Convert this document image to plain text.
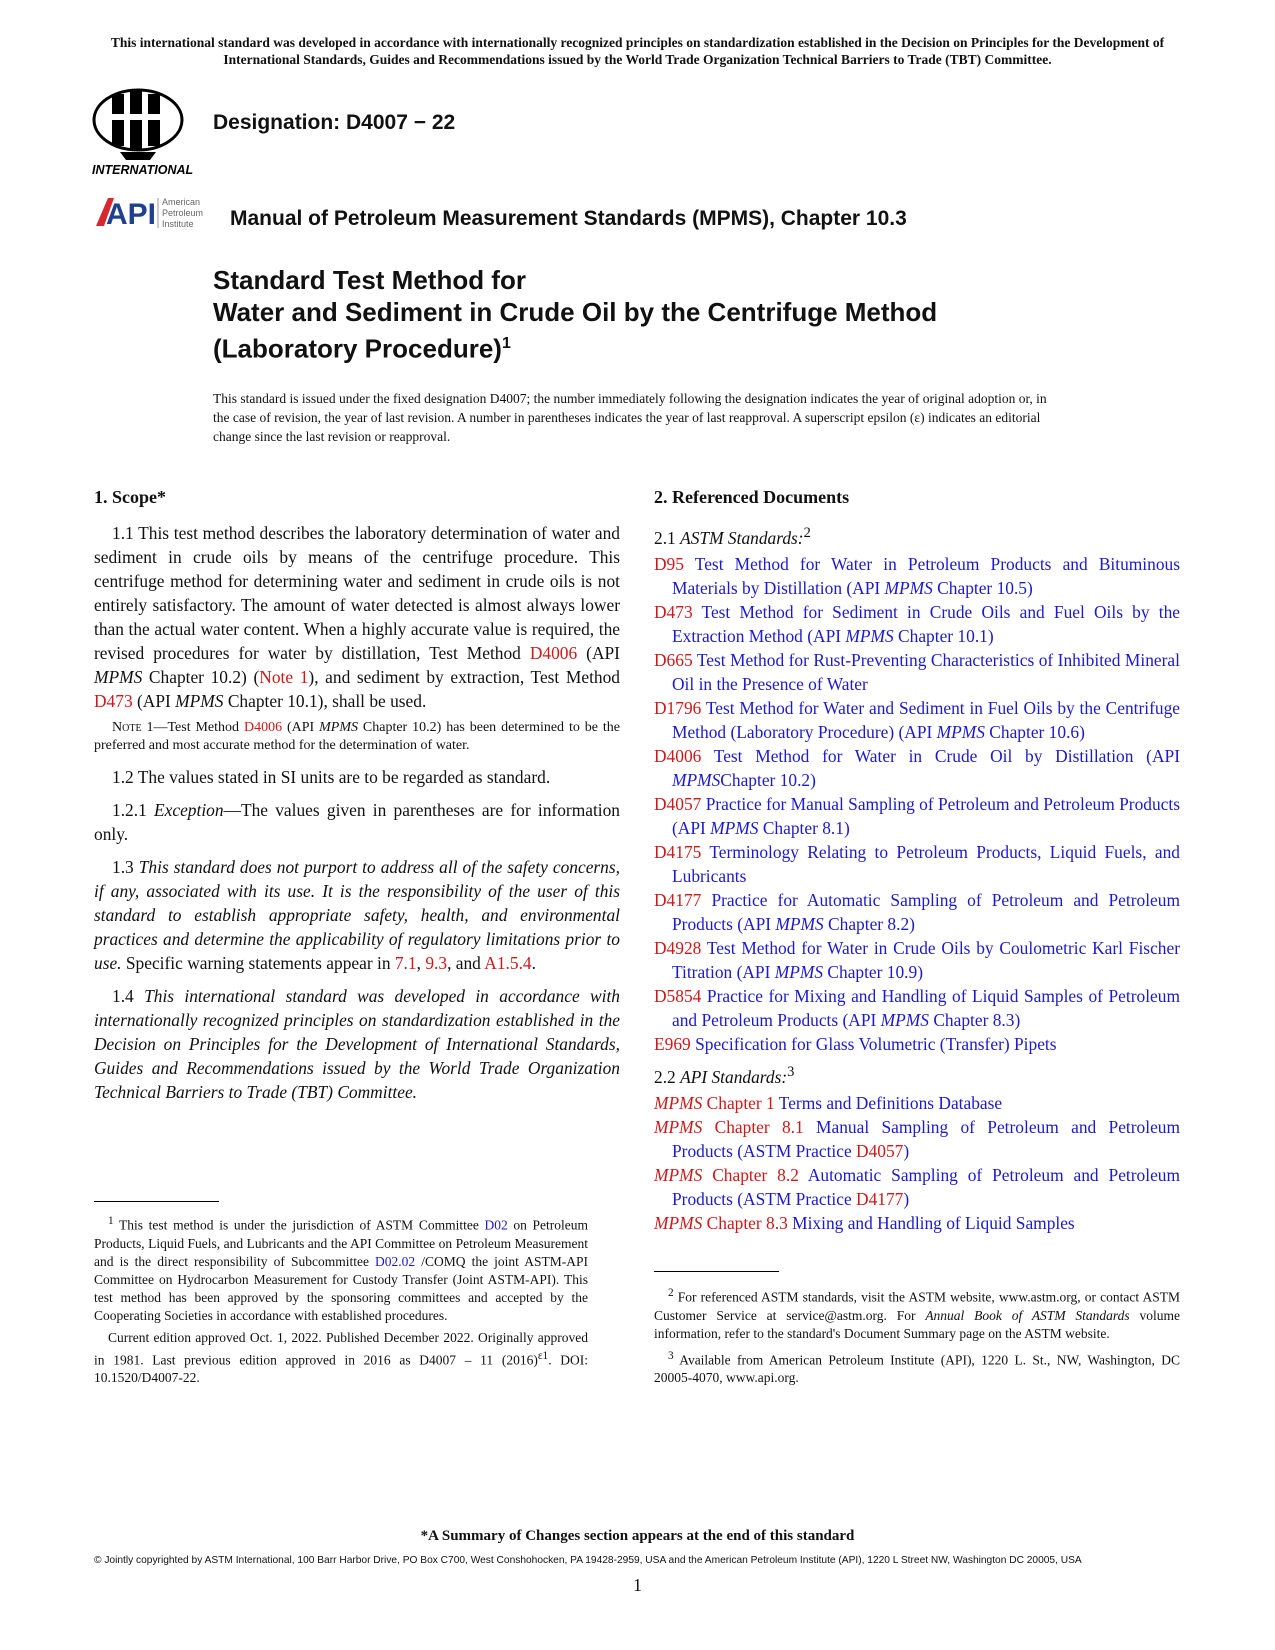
This international standard was developed in accordance with internationally recognized principles on standardization established in the Decision on Principles for the Development of International Standards, Guides and Recommendations issued by the World Trade Organization Technical Barriers to Trade (TBT) Committee.
INTERNATIONAL
Designation: D4007 − 22
API American
Petroleum
Institute Manual of Petroleum Measurement Standards (MPMS), Chapter 10.3
Standard Test Method for
Water and Sediment in Crude Oil by the Centrifuge Method
(Laboratory Procedure)$^1$
This standard is issued under the fixed designation D4007; the number immediately following the designation indicates the year of original adoption or, in the case of revision, the year of last revision. A number in parentheses indicates the year of last reapproval. A superscript epsilon (ε) indicates an editorial change since the last revision or reapproval.
1. Scope*

1.1 This test method describes the laboratory determination of water and sediment in crude oils by means of the centrifuge procedure. This centrifuge method for determining water and sediment in crude oils is not entirely satisfactory. The amount of water detected is almost always lower than the actual water content. When a highly accurate value is required, the revised procedures for water by distillation, Test Method D4006 (API MPMS Chapter 10.2) (Note 1), and sediment by extraction, Test Method D473 (API MPMS Chapter 10.1), shall be used.

Note 1—Test Method D4006 (API MPMS Chapter 10.2) has been determined to be the preferred and most accurate method for the determination of water.

1.2 The values stated in SI units are to be regarded as standard.

1.2.1 Exception—The values given in parentheses are for information only.

1.3 This standard does not purport to address all of the safety concerns, if any, associated with its use. It is the responsibility of the user of this standard to establish appropriate safety, health, and environmental practices and determine the applicability of regulatory limitations prior to use. Specific warning statements appear in 7.1, 9.3, and A1.5.4.

1.4 This international standard was developed in accordance with internationally recognized principles on standardization established in the Decision on Principles for the Development of International Standards, Guides and Recommendations issued by the World Trade Organization Technical Barriers to Trade (TBT) Committee.

2. Referenced Documents

2.1 ASTM Standards:$^2$

D95 Test Method for Water in Petroleum Products and Bituminous Materials by Distillation (API MPMS Chapter 10.5)

D473 Test Method for Sediment in Crude Oils and Fuel Oils by the Extraction Method (API MPMS Chapter 10.1)

D665 Test Method for Rust-Preventing Characteristics of Inhibited Mineral Oil in the Presence of Water

D1796 Test Method for Water and Sediment in Fuel Oils by the Centrifuge Method (Laboratory Procedure) (API MPMS Chapter 10.6)

D4006 Test Method for Water in Crude Oil by Distillation (API MPMSChapter 10.2)

D4057 Practice for Manual Sampling of Petroleum and Petroleum Products (API MPMS Chapter 8.1)

D4175 Terminology Relating to Petroleum Products, Liquid Fuels, and Lubricants

D4177 Practice for Automatic Sampling of Petroleum and Petroleum Products (API MPMS Chapter 8.2)

D4928 Test Method for Water in Crude Oils by Coulometric Karl Fischer Titration (API MPMS Chapter 10.9)

D5854 Practice for Mixing and Handling of Liquid Samples of Petroleum and Petroleum Products (API MPMS Chapter 8.3)

E969 Specification for Glass Volumetric (Transfer) Pipets

2.2 API Standards:$^3$

MPMS Chapter 1 Terms and Definitions Database

MPMS Chapter 8.1 Manual Sampling of Petroleum and Petroleum Products (ASTM Practice D4057)

MPMS Chapter 8.2 Automatic Sampling of Petroleum and Petroleum Products (ASTM Practice D4177)

MPMS Chapter 8.3 Mixing and Handling of Liquid Samples

$^1$ This test method is under the jurisdiction of ASTM Committee D02 on Petroleum Products, Liquid Fuels, and Lubricants and the API Committee on Petroleum Measurement and is the direct responsibility of Subcommittee D02.02 /COMQ the joint ASTM-API Committee on Hydrocarbon Measurement for Custody Transfer (Joint ASTM-API). This test method has been approved by the sponsoring committees and accepted by the Cooperating Societies in accordance with established procedures.

Current edition approved Oct. 1, 2022. Published December 2022. Originally approved in 1981. Last previous edition approved in 2016 as D4007 – 11 $(2016)^{\varepsilon 1}$. DOI: 10.1520/D4007-22.

$^2$ For referenced ASTM standards, visit the ASTM website, www.astm.org, or contact ASTM Customer Service at service@astm.org. For Annual Book of ASTM Standards volume information, refer to the standard's Document Summary page on the ASTM website.

$^3$ Available from American Petroleum Institute (API), 1220 L. St., NW, Washington, DC 20005-4070, www.api.org.

*A Summary of Changes section appears at the end of this standard
© Jointly copyrighted by ASTM International, 100 Barr Harbor Drive, PO Box C700, West Conshohocken, PA 19428-2959, USA and the American Petroleum Institute (API), 1220 L Street NW, Washington DC 20005, USA
1
